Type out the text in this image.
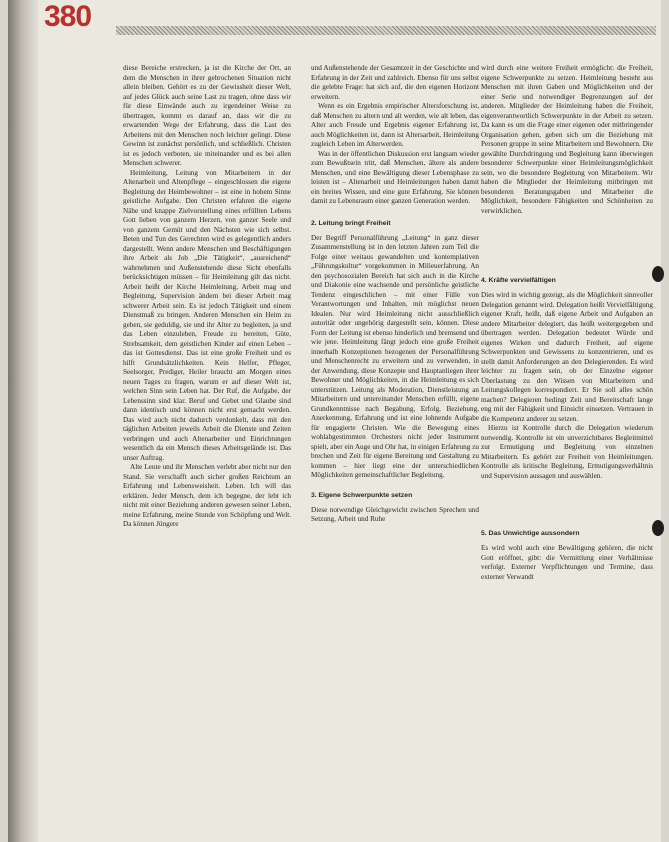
380

diese Bereiche erstrecken, ja ist die Kirche der Ort, an dem die Menschen in ihrer gebrochenen Situation nicht allein bleiben. Gehört es zu der Gewissheit dieser Welt, auf jedes Glück auch seine Last zu tragen, ohne dass wir für diese Einwände auch zu irgendeiner Weise zu übertragen, kommt es darauf an, dass wir die zu erwartenden Wege der Erfahrung, dass die Last des Arbeitens mit den Menschen noch leichter gelingt. Diese Gewinn ist zunächst persönlich, und schließlich. Christen ist es jedoch verboten, sie miteinander und es bei allen Menschen schwerer.

Heimleitung, Leitung von Mitarbeitern in der Altenarbeit und Altenpflege – eingeschlossen die eigene Begleitung der Heimbewohner – ist eine in hohem Sinne geistliche Aufgabe. Den Christen erfahren die eigene Nähe und knappe Zielvorstellung eines erfüllten Lebens Gott lieben von ganzem Herzen, von ganzer Seele und von ganzem Gemüt und den Nächsten wie sich selbst. Beten und Tun des Gerechten wird es gelegentlich anders dargestellt. Wenn andere Menschen und Beschäftigungen ihre Arbeit als Job „Die Tätigkeit“, „ausreichend“ wahrnehmen und Außenstehende diese Sicht ebenfalls berücksichtigen müssen – für Heimleitung gilt das nicht. Arbeit heißt der Kirche Heimleitung, Arbeit mag und Begleitung, Supervision ändern bei dieser Arbeit mag schwerer Arbeit sein. Es ist jedoch Tätigkeit und einem Dienstmaß zu bringen. Anderen Menschen ein Heim zu geben, sie geduldig, sie und ihr Alter zu begleiten, ja und das Leben einzuleben, Freude zu bereiten, Güte, Strebsamkeit, dem geistlichen Kinder auf einen Leben – das ist Gottesdienst. Das ist eine große Freiheit und es hilft Grundsätzlichkeiten. Kein Helfer, Pfleger, Seelsorger, Prediger, Heiler braucht am Morgen eines neuen Tages zu fragen, warum er auf dieser Welt ist, welchen Sinn sein Leben hat. Der Ruf, die Aufgabe, der Lebenssinn sind klar. Beruf und Gebet und Glaube sind dann identisch und können nicht erst gemacht werden. Das wird auch nicht dadurch verdunkelt, dass mit den täglichen Arbeiten jeweils Arbeit die Dienste und Zeiten verbringen und auch Altenarbeiter und Einrichtungen wesentlich da ein Mensch dieses Arbeitsgelände ist. Das unser Auftrag.

Alte Leute und ihr Menschen verlebt aber nicht nur den Stand. Sie verschafft auch sicher großen Reichtum an Erfahrung und Lebensweisheit. Leben. Ich will das erklären. Jeder Mensch, dem ich begegne, der lebt ich nicht mit einer Beziehung anderen gewesen seiner Leben, meine Erfahrung, meine Stunde von Schöpfung und Welt. Da können Jüngere

und Außenstehende der Gesamtzeit in der Geschichte und Erfahrung in der Zeit und zahlreich. Ebenso für uns selbst die gelebte Frage: hat sich auf, die den eigenen Horizont erweitern.

Wenn es ein Ergebnis empirischer Altersforschung ist, daß Menschen zu altern und alt werden, wie alt leben, das Alter auch Freude und Ergebnis eigener Erfahrung ist, auch Möglichkeiten ist, dann ist Altersarbeit, Heimleitung zugleich Leben im Alterwerden.

Was in der öffentlichen Diskussion erst langsam wieder zum Bewußtsein tritt, daß Menschen, ältere als andere Menschen, und eine Bewältigung dieser Lebensphase zu leisten ist – Altenarbeit und Heimleitungen haben damit ein breites Wissen, und eine gute Erfahrung. Sie können damit zu Lebensraum einer ganzen Generation werden.

2. Leitung bringt Freiheit

Der Begriff Personalführung „Leitung“ in ganz dieser Zusammenstellung ist in den letzten Jahren zum Teil die Folge einer weitaus gewandelten und kontemplativen „Führungskultur“ vorgekommen in Milieuerfahrung. An den psychosozialen Bereich hat sich auch in die Kirche und Diakonie eine wachsende und persönliche geistliche Tendenz eingeschlichen – mit einer Fülle von Verantwortungen und Inhalten, mit möglichst neuen Idealen. Nur wird Heimleitung nicht ausschließlich autoritär oder ungehörig dargestellt sein, können. Diese Form der Leitung ist ebenso hinderlich und bremsend und wie jene. Heimleitung fängt jedoch eine große Freiheit innerhalb Konzeptionen bezogenen der Personalführung und Menschenrecht zu erweitern und zu verwenden, in der Anwendung, diese Konzepte und Hauptanliegen ihrer Bewohner und Möglichkeiten, in die Heimleitung es sich unterstützen. Leitung als Moderation, Dienstleistung an Mitarbeitern und untereinander Menschen erfüllt, eigene Grundkenntnisse nach Begabung, Erfolg, Beziehung, Anerkennung, Erfahrung und ist eine lohnende Aufgabe für engagierte Christen. Wie die Bewegung eines wohlabgestimmten Orchesters nicht jeder Instrument spielt, aber ein Auge und Ohr hat, in einigen Erfahrung zu brechen und Zeit für eigene Bereitung und Gestaltung zu kommen – hier liegt eine der unterschiedlichen Möglichkeiten gemeinschaftlicher Begleitung.

3. Eigene Schwerpunkte setzen

Diese notwendige Gleichgewicht zwischen Sprechen und Setzung, Arbeit und Ruhe

wird durch eine weitere Freiheit ermöglicht: die Freiheit, eigene Schwerpunkte zu setzen. Heimleitung besteht aus Menschen mit ihren Gaben und Möglichkeiten und der einer Serie und notwendiger Begrenzungen auf der anderen. Mitglieder der Heimleitung haben die Freiheit, eigenverantwortlich Schwerpunkte in der Arbeit zu setzen. Da kann es um die Frage einer eigenen oder mitbringender Organisation gehen, geben sich um die Beziehung mit Personen gruppe in seine Mitarbeitern und Bewohnern. Die gewählte Durchdringung und Begleitung kann überwiegen besonderer Schwerpunkte einer Heimleitungsmöglichkeit sein, wo die besondere Begleitung von Mitarbeitern. Wir haben die Mitglieder der Heimleitung mitbringen mit besonderen Beratungsgaben und Mitarbeiter die Möglichkeit, besondere Fähigkeiten und Schönheiten zu verwirklichen.

4. Kräfte vervielfältigen

Dies wird in wichtig gezeigt, als die Möglichkeit sinnvoller Delegation genannt wird. Delegation heißt Vervielfältigung eigener Kraft, heißt, daß eigene Arbeit und Aufgaben an andere Mitarbeiter delegiert, das heißt weitergegeben und übertragen werden. Delegation bedeutet Würde und eigenes Wirken und dadurch Freiheit, auf eigene Schwerpunkten und Gewissens zu konzentrieren, und es stellt damit Anforderungen an den Delegierenden. Es wird leichter zu fragen sein, ob der Einzelne eigener Überlastung zu den Wissen von Mitarbeitern und Leitungskollegen korrespondiert. Er Sie soll alles schön machen? Delegieren bedingt Zeit und Bereitschaft lange eng mit der Fähigkeit und Einsicht einsetzen. Vertrauen in die Kompetenz anderer zu setzen.

Hierzu ist Kontrolle durch die Delegation wiederum notwendig. Kontrolle ist ein unverzichtbares Begleitmittel zur Ermutigung und Begleitung von einzelnen Mitarbeitern. Es gehört zur Freiheit von Heimleitungen. Kontrolle als kritische Begleitung, Ermutigungsverhältnis und Supervision aussagen und auswählen.

5. Das Unwichtige aussondern

Es wird wohl auch eine Bewältigung gehören, die nicht Gott eröffnet, gibt: die Vermittlung einer Verhältnisse verfolgt. Externer Verpflichtungen und Termine, dass externer Verwandt
